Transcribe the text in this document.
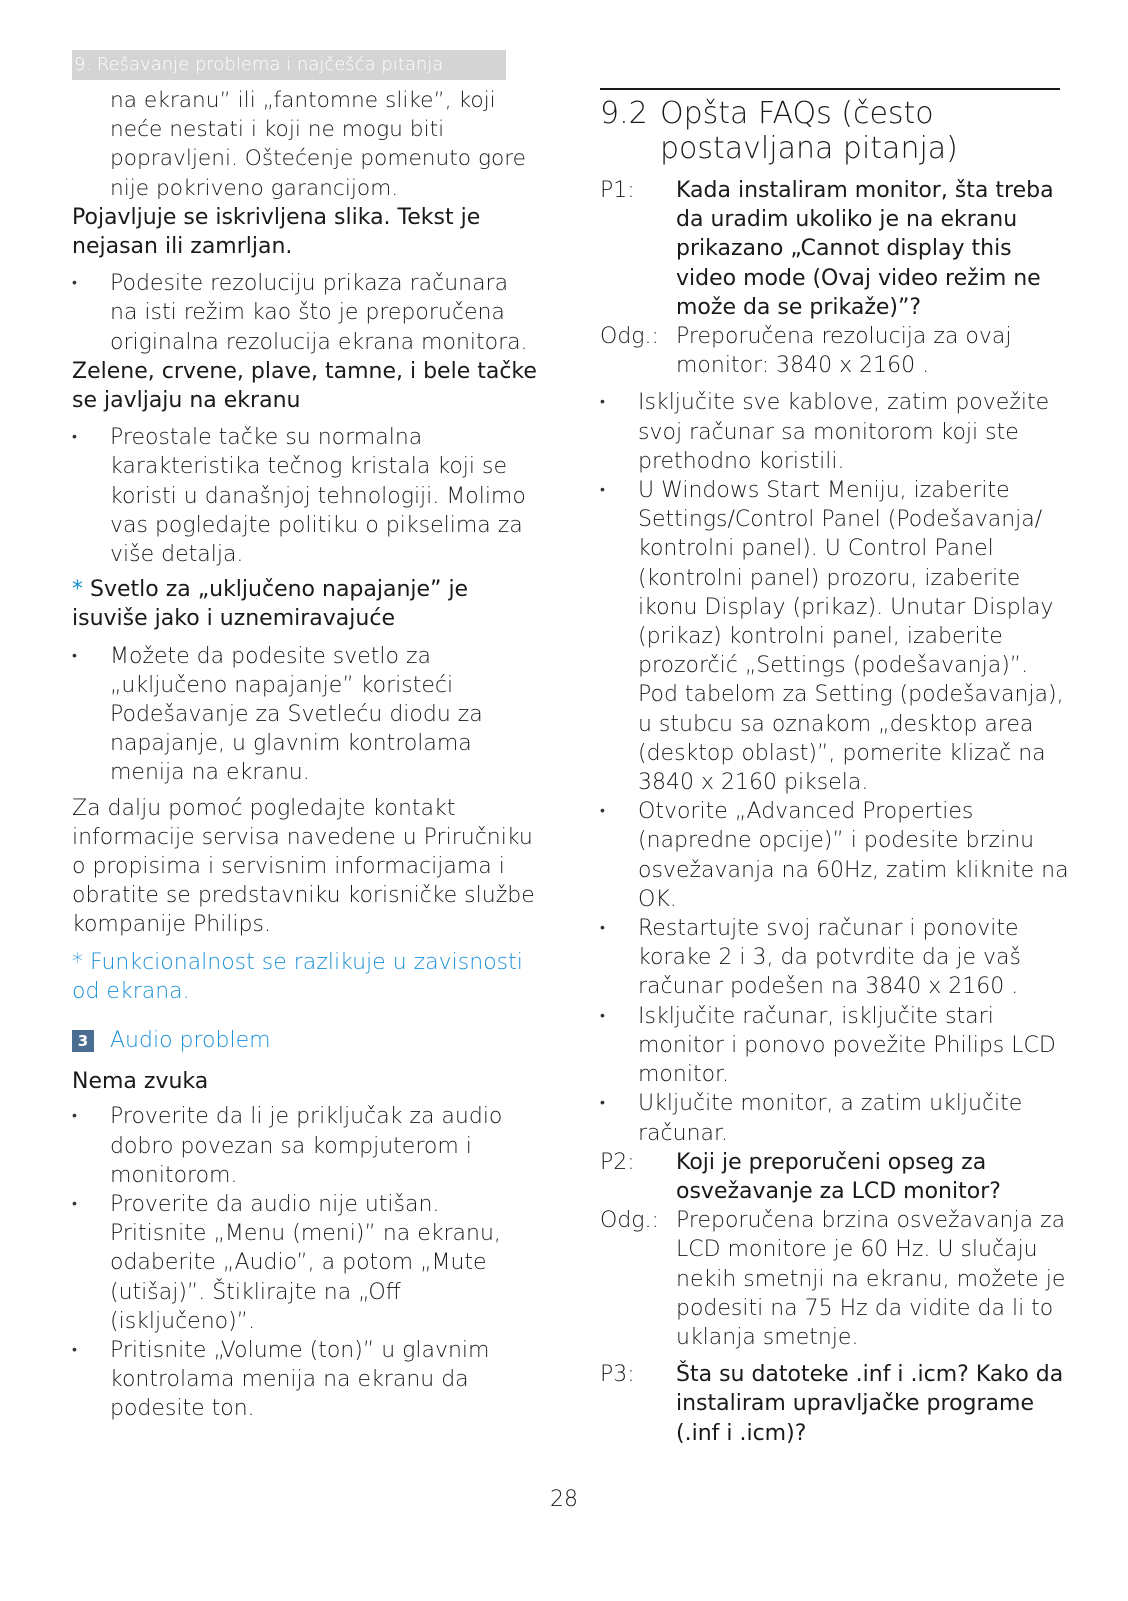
9. Rešavanje problema i najčešća pitanja
na ekranu” ili „fantomne slike”, koji neće nestati i koji ne mogu biti popravljeni. Oštećenje pomenuto gore nije pokriveno garancijom.
Pojavljuje se iskrivljena slika. Tekst je nejasan ili zamrljan.
•	Podesite rezoluciju prikaza računara na isti režim kao što je preporučena originalna rezolucija ekrana monitora.
Zelene, crvene, plave, tamne, i bele tačke se javljaju na ekranu
•	Preostale tačke su normalna karakteristika tečnog kristala koji se koristi u današnjoj tehnologiji. Molimo vas pogledajte politiku o pikselima za više detalja.
* Svetlo za „uključeno napajanje” je isuviše jako i uznemiravajuće
•	Možete da podesite svetlo za „uključeno napajanje” koristeći Podešavanje za Svetleću diodu za napajanje, u glavnim kontrolama menija na ekranu.
Za dalju pomoć pogledajte kontakt informacije servisa navedene u Priručniku o propisima i servisnim informacijama i obratite se predstavniku korisničke službe kompanije Philips.
* Funkcionalnost se razlikuje u zavisnosti od ekrana.
3 Audio problem
Nema zvuka
•	Proverite da li je priključak za audio dobro povezan sa kompjuterom i monitorom.
•	Proverite da audio nije utišan. Pritisnite „Menu (meni)” na ekranu, odaberite „Audio”, a potom „Mute (utišaj)”. Štiklirajte na „Off (isključeno)”.
•	Pritisnite „Volume (ton)” u glavnim kontrolama menija na ekranu da podesite ton.
9.2 Opšta FAQs (često postavljana pitanja)
P1:	Kada instaliram monitor, šta treba da uradim ukoliko je na ekranu prikazano „Cannot display this video mode (Ovaj video režim ne može da se prikaže)”?
Odg.: Preporučena rezolucija za ovaj monitor: 3840 x 2160 .
•	Isključite sve kablove, zatim povežite svoj računar sa monitorom koji ste prethodno koristili.
•	U Windows Start Meniju, izaberite Settings/Control Panel (Podešavanja/ kontrolni panel). U Control Panel (kontrolni panel) prozoru, izaberite ikonu Display (prikaz). Unutar Display (prikaz) kontrolni panel, izaberite prozorčić „Settings (podešavanja)”. Pod tabelom za Setting (podešavanja), u stubcu sa oznakom „desktop area (desktop oblast)”, pomerite klizač na 3840 x 2160 piksela.
•	Otvorite „Advanced Properties (napredne opcije)” i podesite brzinu osvežavanja na 60Hz, zatim kliknite na OK.
•	Restartujte svoj računar i ponovite korake 2 i 3, da potvrdite da je vaš računar podešen na 3840 x 2160 .
•	Isključite računar, isključite stari monitor i ponovo povežite Philips LCD monitor.
•	Uključite monitor, a zatim uključite računar.
P2:	Koji je preporučeni opseg za osvežavanje za LCD monitor?
Odg.: Preporučena brzina osvežavanja za LCD monitore je 60 Hz. U slučaju nekih smetnji na ekranu, možete je podesiti na 75 Hz da vidite da li to uklanja smetnje.
P3:	Šta su datoteke .inf i .icm? Kako da instaliram upravljačke programe (.inf i .icm)?
28
